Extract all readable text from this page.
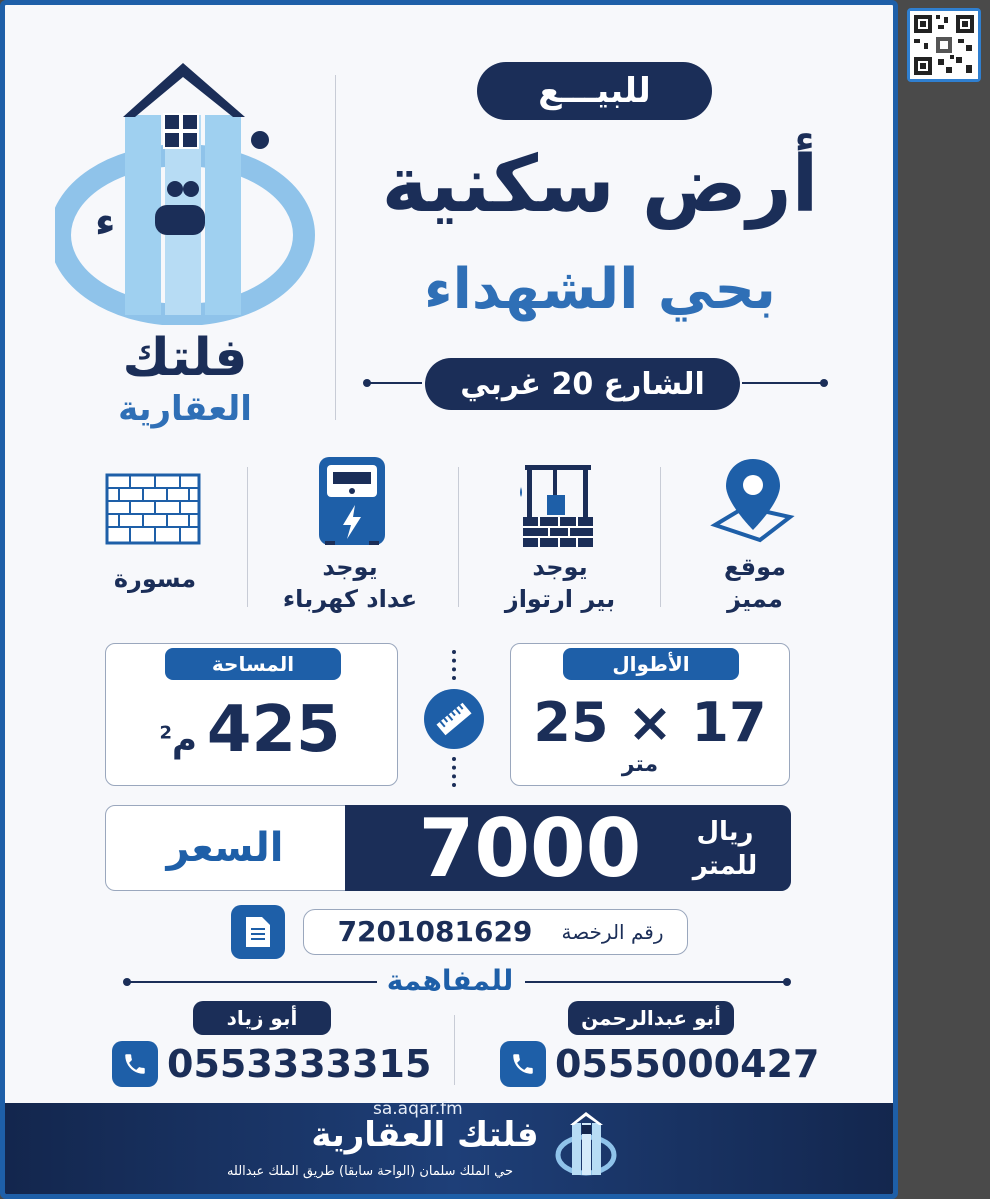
ء
فلتك
العقارية
للبيـــع
أرض سكنية
بحي الشهداء
الشارع 20 غربي
موقع
مميز
يوجد
بير ارتواز
يوجد
عداد كهرباء
مسورة
الأطوال
25 × 17
متر
المساحة
م$^2$ 425
السعر	7000	ريال
للمتر
7201081629	رقم الرخصة
للمفاهمة
أبو عبدالرحمن
0555000427
أبو زياد
0553333315
sa.aqar.fm
فلتك العقارية
حي الملك سلمان (الواحة سابقا) طريق الملك عبدالله
